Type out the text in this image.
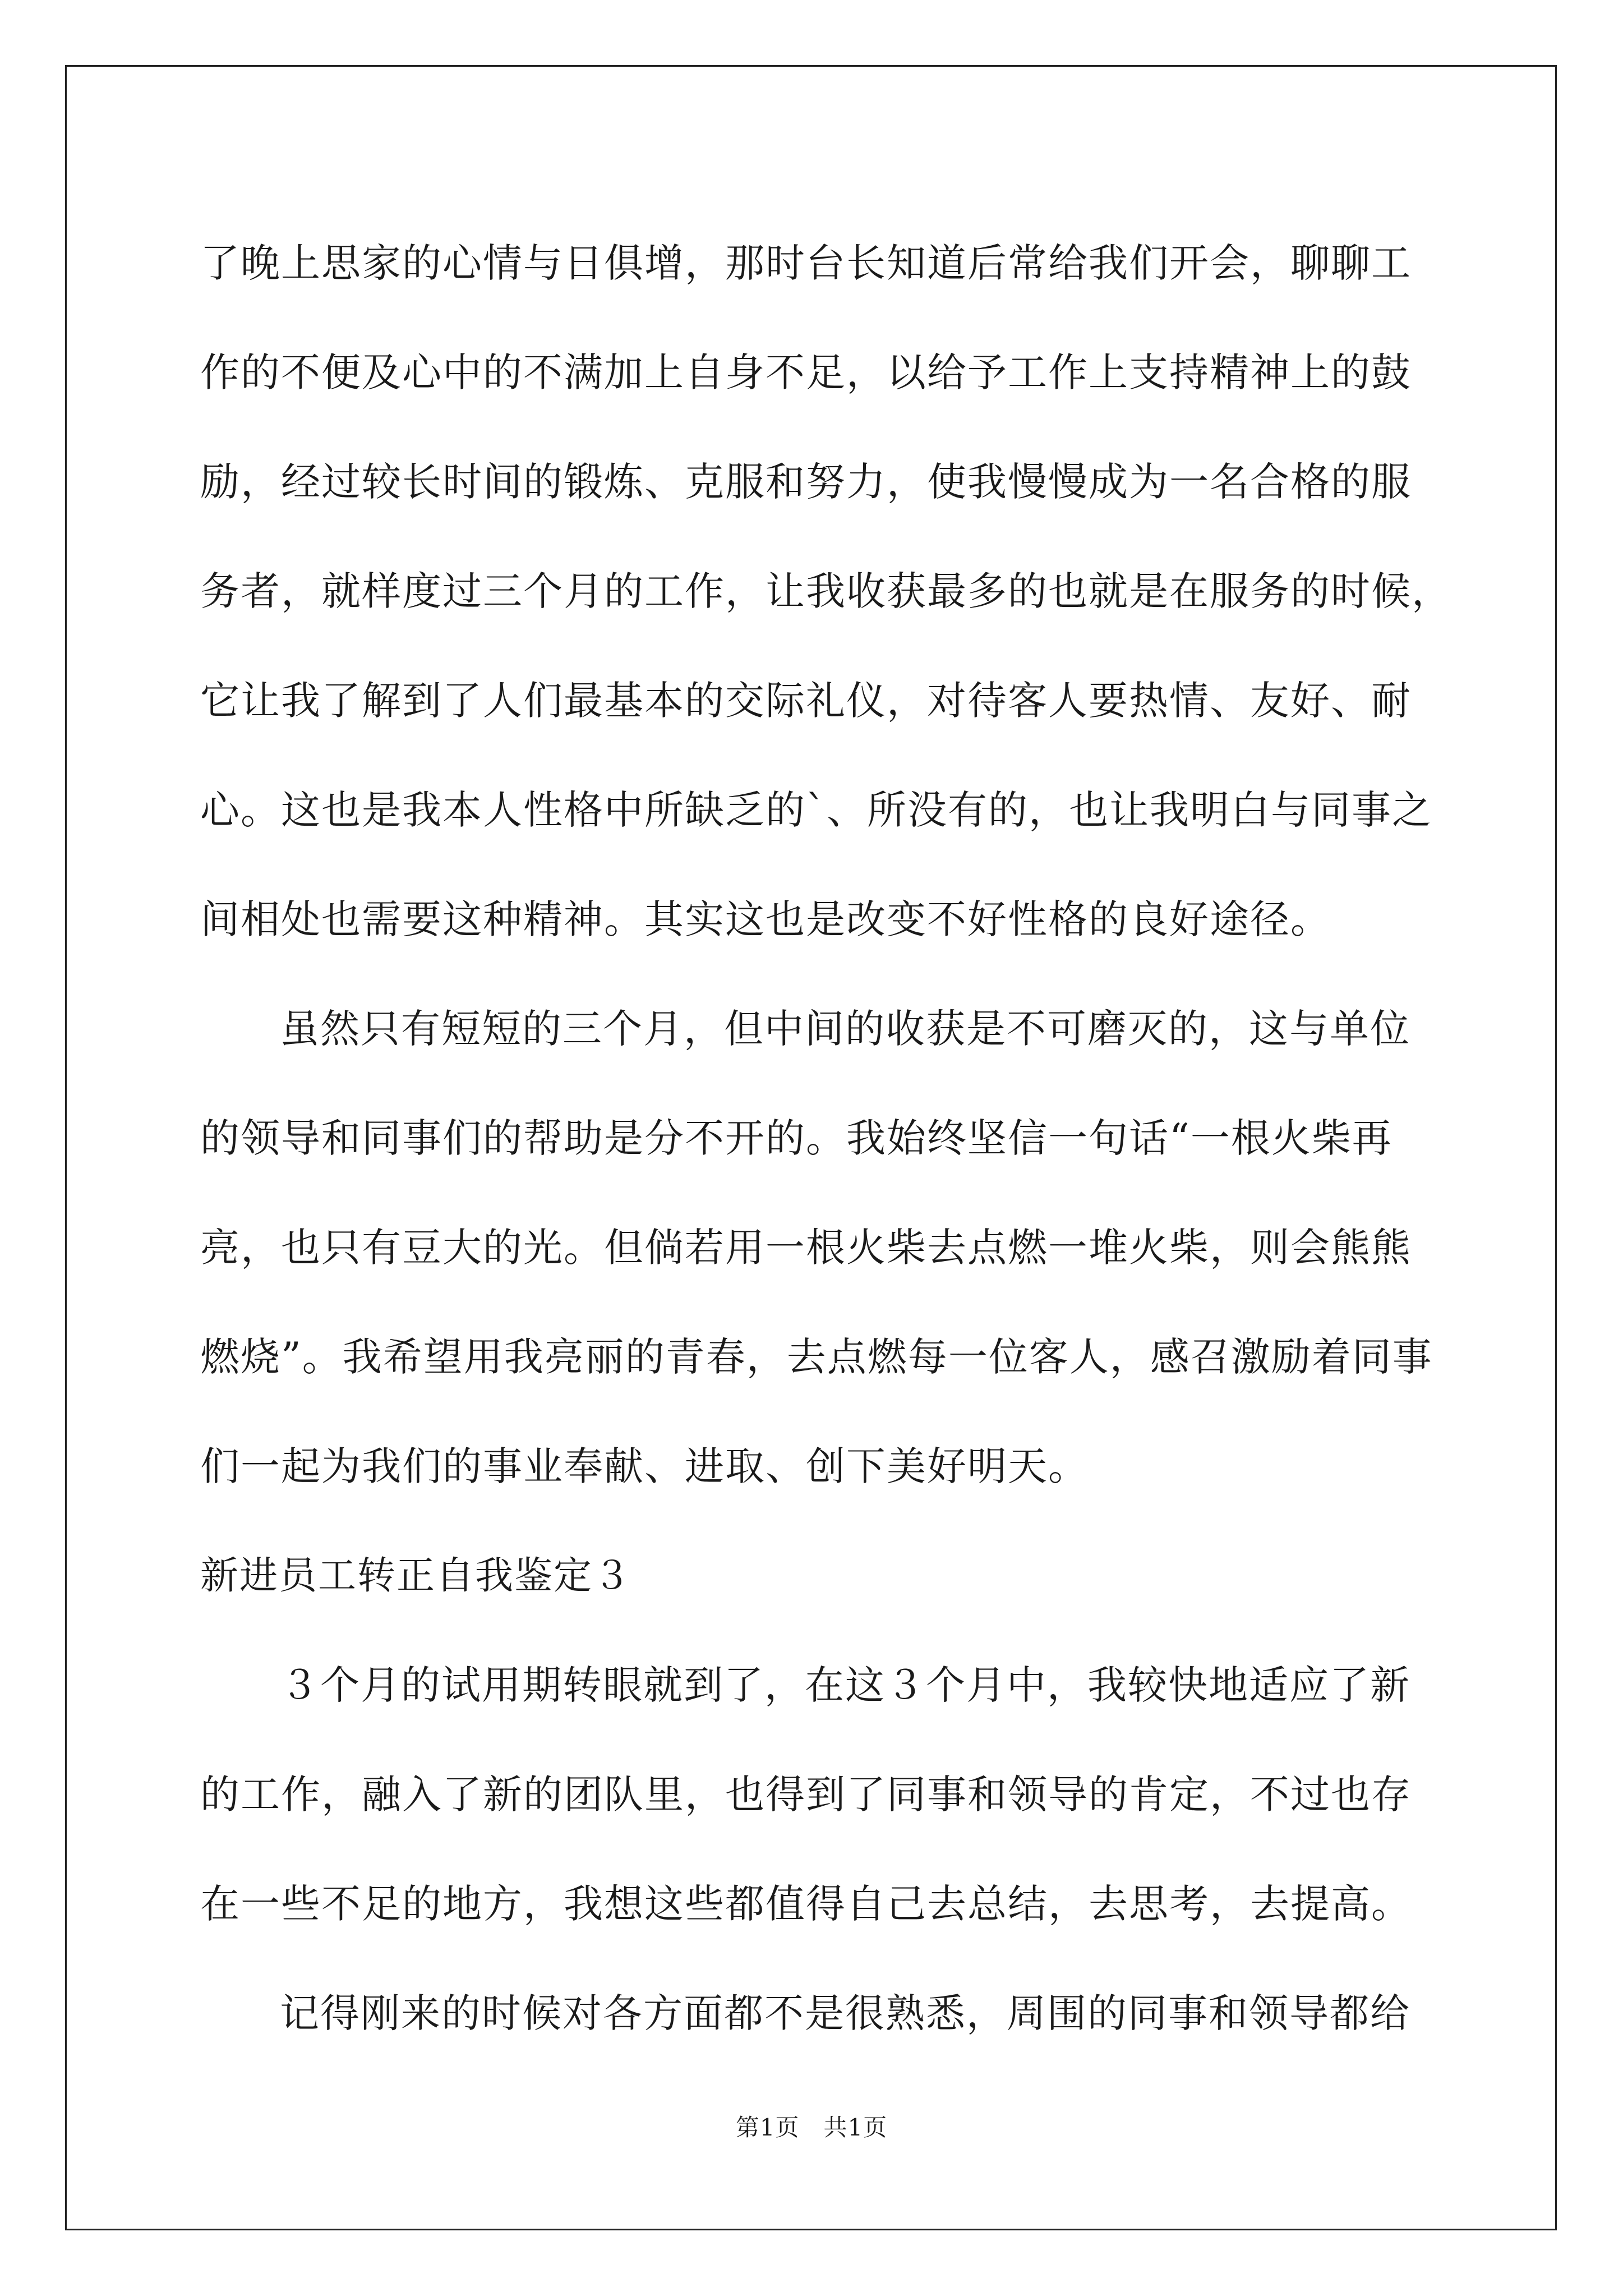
了晚上思家的心情与日俱增，那时台长知道后常给我们开会，聊聊工
作的不便及心中的不满加上自身不足，以给予工作上支持精神上的鼓
励，经过较长时间的锻炼、克服和努力，使我慢慢成为一名合格的服
务者，就样度过三个月的工作，让我收获最多的也就是在服务的时候，
它让我了解到了人们最基本的交际礼仪，对待客人要热情、友好、耐
心。这也是我本人性格中所缺乏的`、所没有的，也让我明白与同事之
间相处也需要这种精神。其实这也是改变不好性格的良好途径。
虽然只有短短的三个月，但中间的收获是不可磨灭的，这与单位
的领导和同事们的帮助是分不开的。我始终坚信一句话“一根火柴再
亮，也只有豆大的光。但倘若用一根火柴去点燃一堆火柴，则会熊熊
燃烧”。我希望用我亮丽的青春，去点燃每一位客人，感召激励着同事
们一起为我们的事业奉献、进取、创下美好明天。
新进员工转正自我鉴定３
３个月的试用期转眼就到了，在这３个月中，我较快地适应了新
的工作，融入了新的团队里，也得到了同事和领导的肯定，不过也存
在一些不足的地方，我想这些都值得自己去总结，去思考，去提高。
记得刚来的时候对各方面都不是很熟悉，周围的同事和领导都给
第1页　共1页
